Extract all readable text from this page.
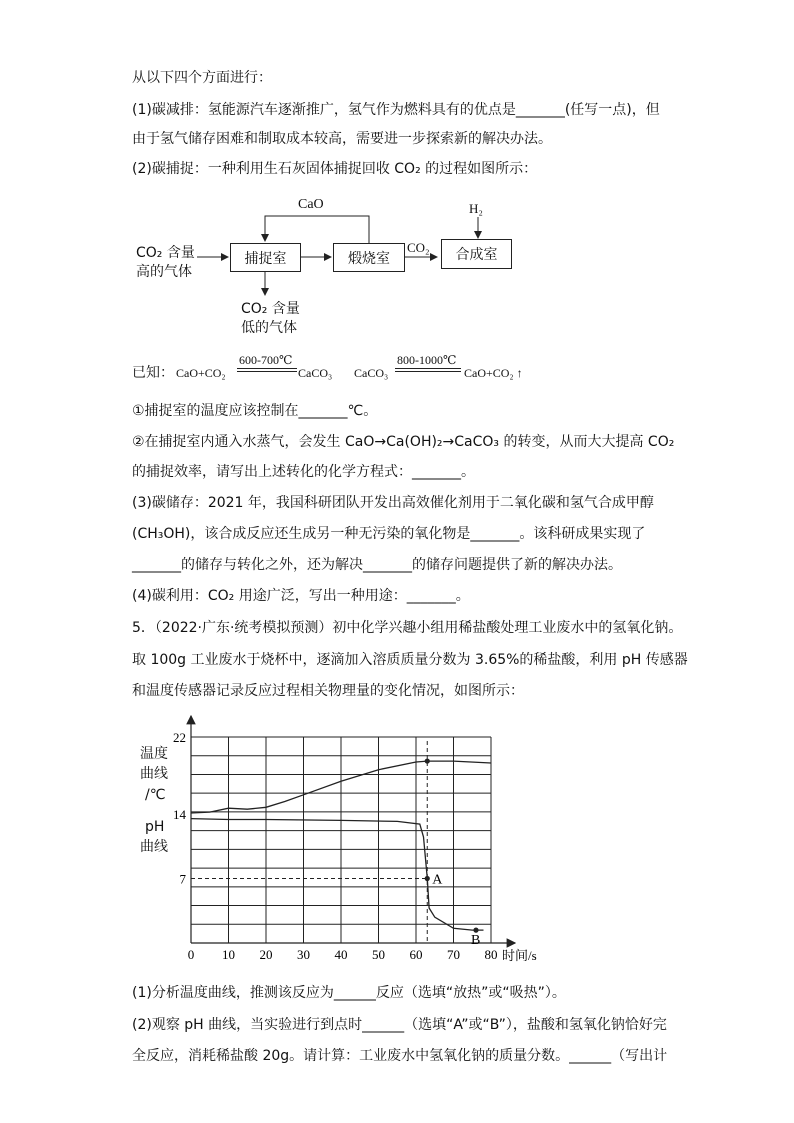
从以下四个方面进行：
(1)碳减排：氢能源汽车逐渐推广，氢气作为燃料具有的优点是_______(任写一点)，但
由于氢气储存困难和制取成本较高，需要进一步探索新的解决办法。
(2)碳捕捉：一种利用生石灰固体捕捉回收 CO₂ 的过程如图所示：
CaO	H₂
CO₂ 含量
高的气体
捕捉室	煅烧室
CO₂ 合成室
CO₂ 含量
低的气体
已知： CaO+CO₂
600-700℃
CaCO₃ CaCO₃
800-1000℃
CaO+CO₂ ↑
①捕捉室的温度应该控制在_______℃。
②在捕捉室内通入水蒸气，会发生 CaO→Ca(OH)₂→CaCO₃ 的转变，从而大大提高 CO₂
的捕捉效率，请写出上述转化的化学方程式：_______。
(3)碳储存：2021 年，我国科研团队开发出高效催化剂用于二氧化碳和氢气合成甲醇
(CH₃OH)，该合成反应还生成另一种无污染的氧化物是_______。该科研成果实现了
_______的储存与转化之外，还为解决_______的储存问题提供了新的解决办法。
(4)碳利用：CO₂ 用途广泛，写出一种用途：_______。
5．（2022·广东·统考模拟预测）初中化学兴趣小组用稀盐酸处理工业废水中的氢氧化钠。
取 100g 工业废水于烧杯中，逐滴加入溶质质量分数为 3.65%的稀盐酸，利用 pH 传感器
和温度传感器记录反应过程相关物理量的变化情况，如图所示：
0 10 20 30 40 50 60 70 80 时间/s
22
14
7	A
B
温度
曲线
/℃
pH
曲线
(1)分析温度曲线，推测该反应为______反应（选填“放热”或“吸热”）。
(2)观察 pH 曲线，当实验进行到点时______（选填“A”或“B”），盐酸和氢氧化钠恰好完
全反应，消耗稀盐酸 20g。请计算：工业废水中氢氧化钠的质量分数。______（写出计
